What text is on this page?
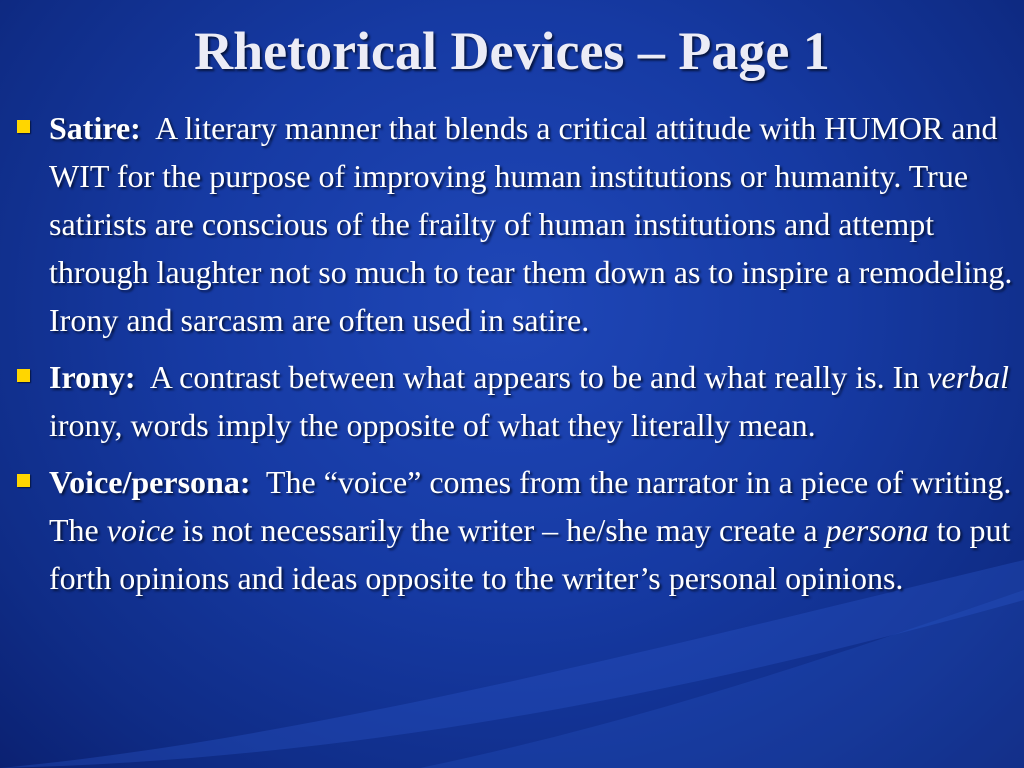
Rhetorical Devices – Page 1
Satire: A literary manner that blends a critical attitude with HUMOR and WIT for the purpose of improving human institutions or humanity. True satirists are conscious of the frailty of human institutions and attempt through laughter not so much to tear them down as to inspire a remodeling. Irony and sarcasm are often used in satire.
Irony: A contrast between what appears to be and what really is. In verbal irony, words imply the opposite of what they literally mean.
Voice/persona: The “voice” comes from the narrator in a piece of writing. The voice is not necessarily the writer – he/she may create a persona to put forth opinions and ideas opposite to the writer’s personal opinions.
